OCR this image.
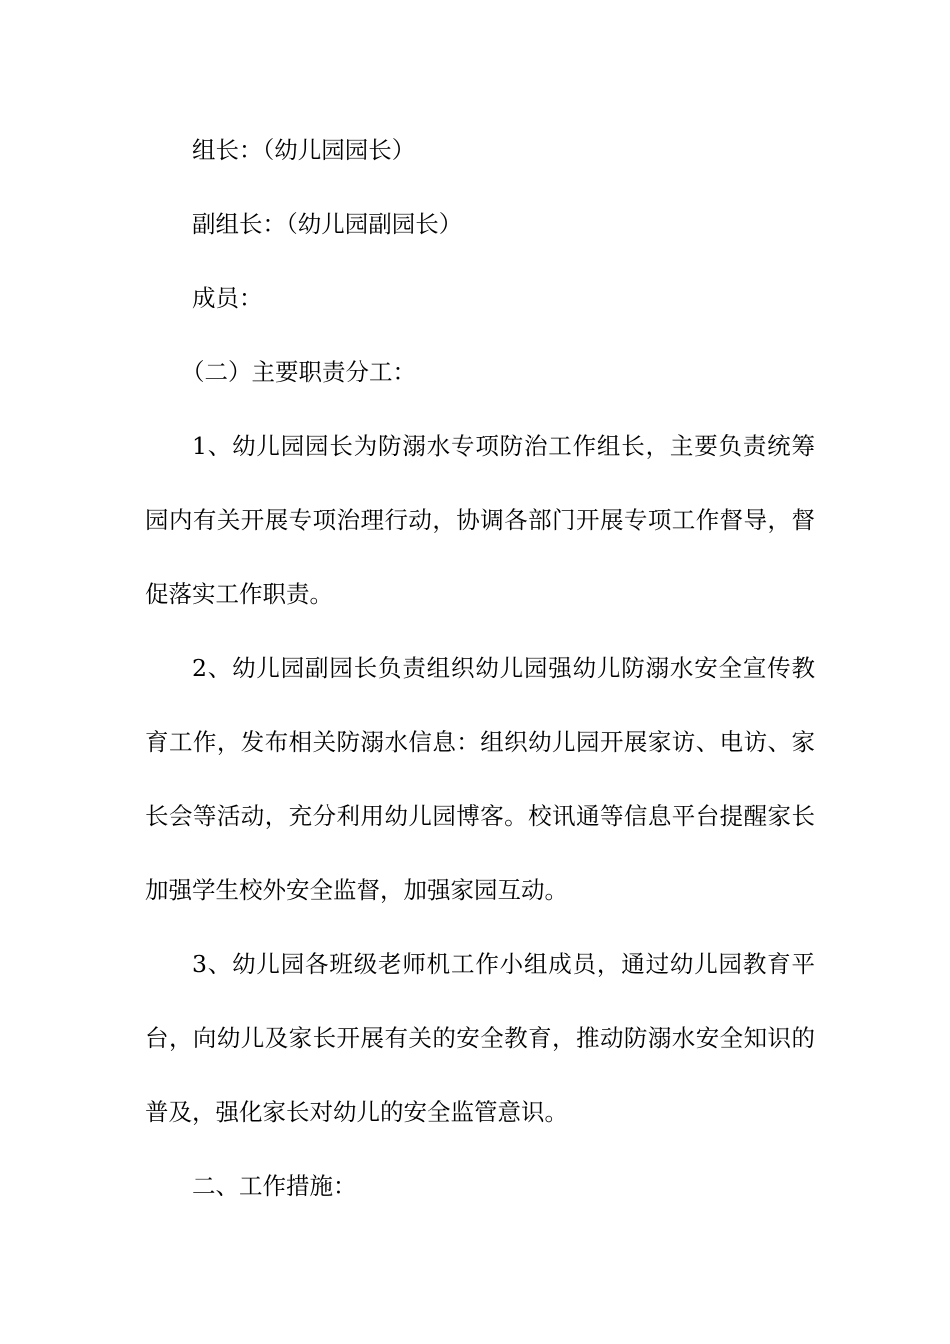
组长：（幼儿园园长）

副组长：（幼儿园副园长）

成员：

（二）主要职责分工：

1、幼儿园园长为防溺水专项防治工作组长，主要负责统筹园内有关开展专项治理行动，协调各部门开展专项工作督导，督促落实工作职责。

2、幼儿园副园长负责组织幼儿园强幼儿防溺水安全宣传教育工作，发布相关防溺水信息：组织幼儿园开展家访、电访、家长会等活动，充分利用幼儿园博客。校讯通等信息平台提醒家长加强学生校外安全监督，加强家园互动。

3、幼儿园各班级老师机工作小组成员，通过幼儿园教育平台，向幼儿及家长开展有关的安全教育，推动防溺水安全知识的普及，强化家长对幼儿的安全监管意识。

二、工作措施：
